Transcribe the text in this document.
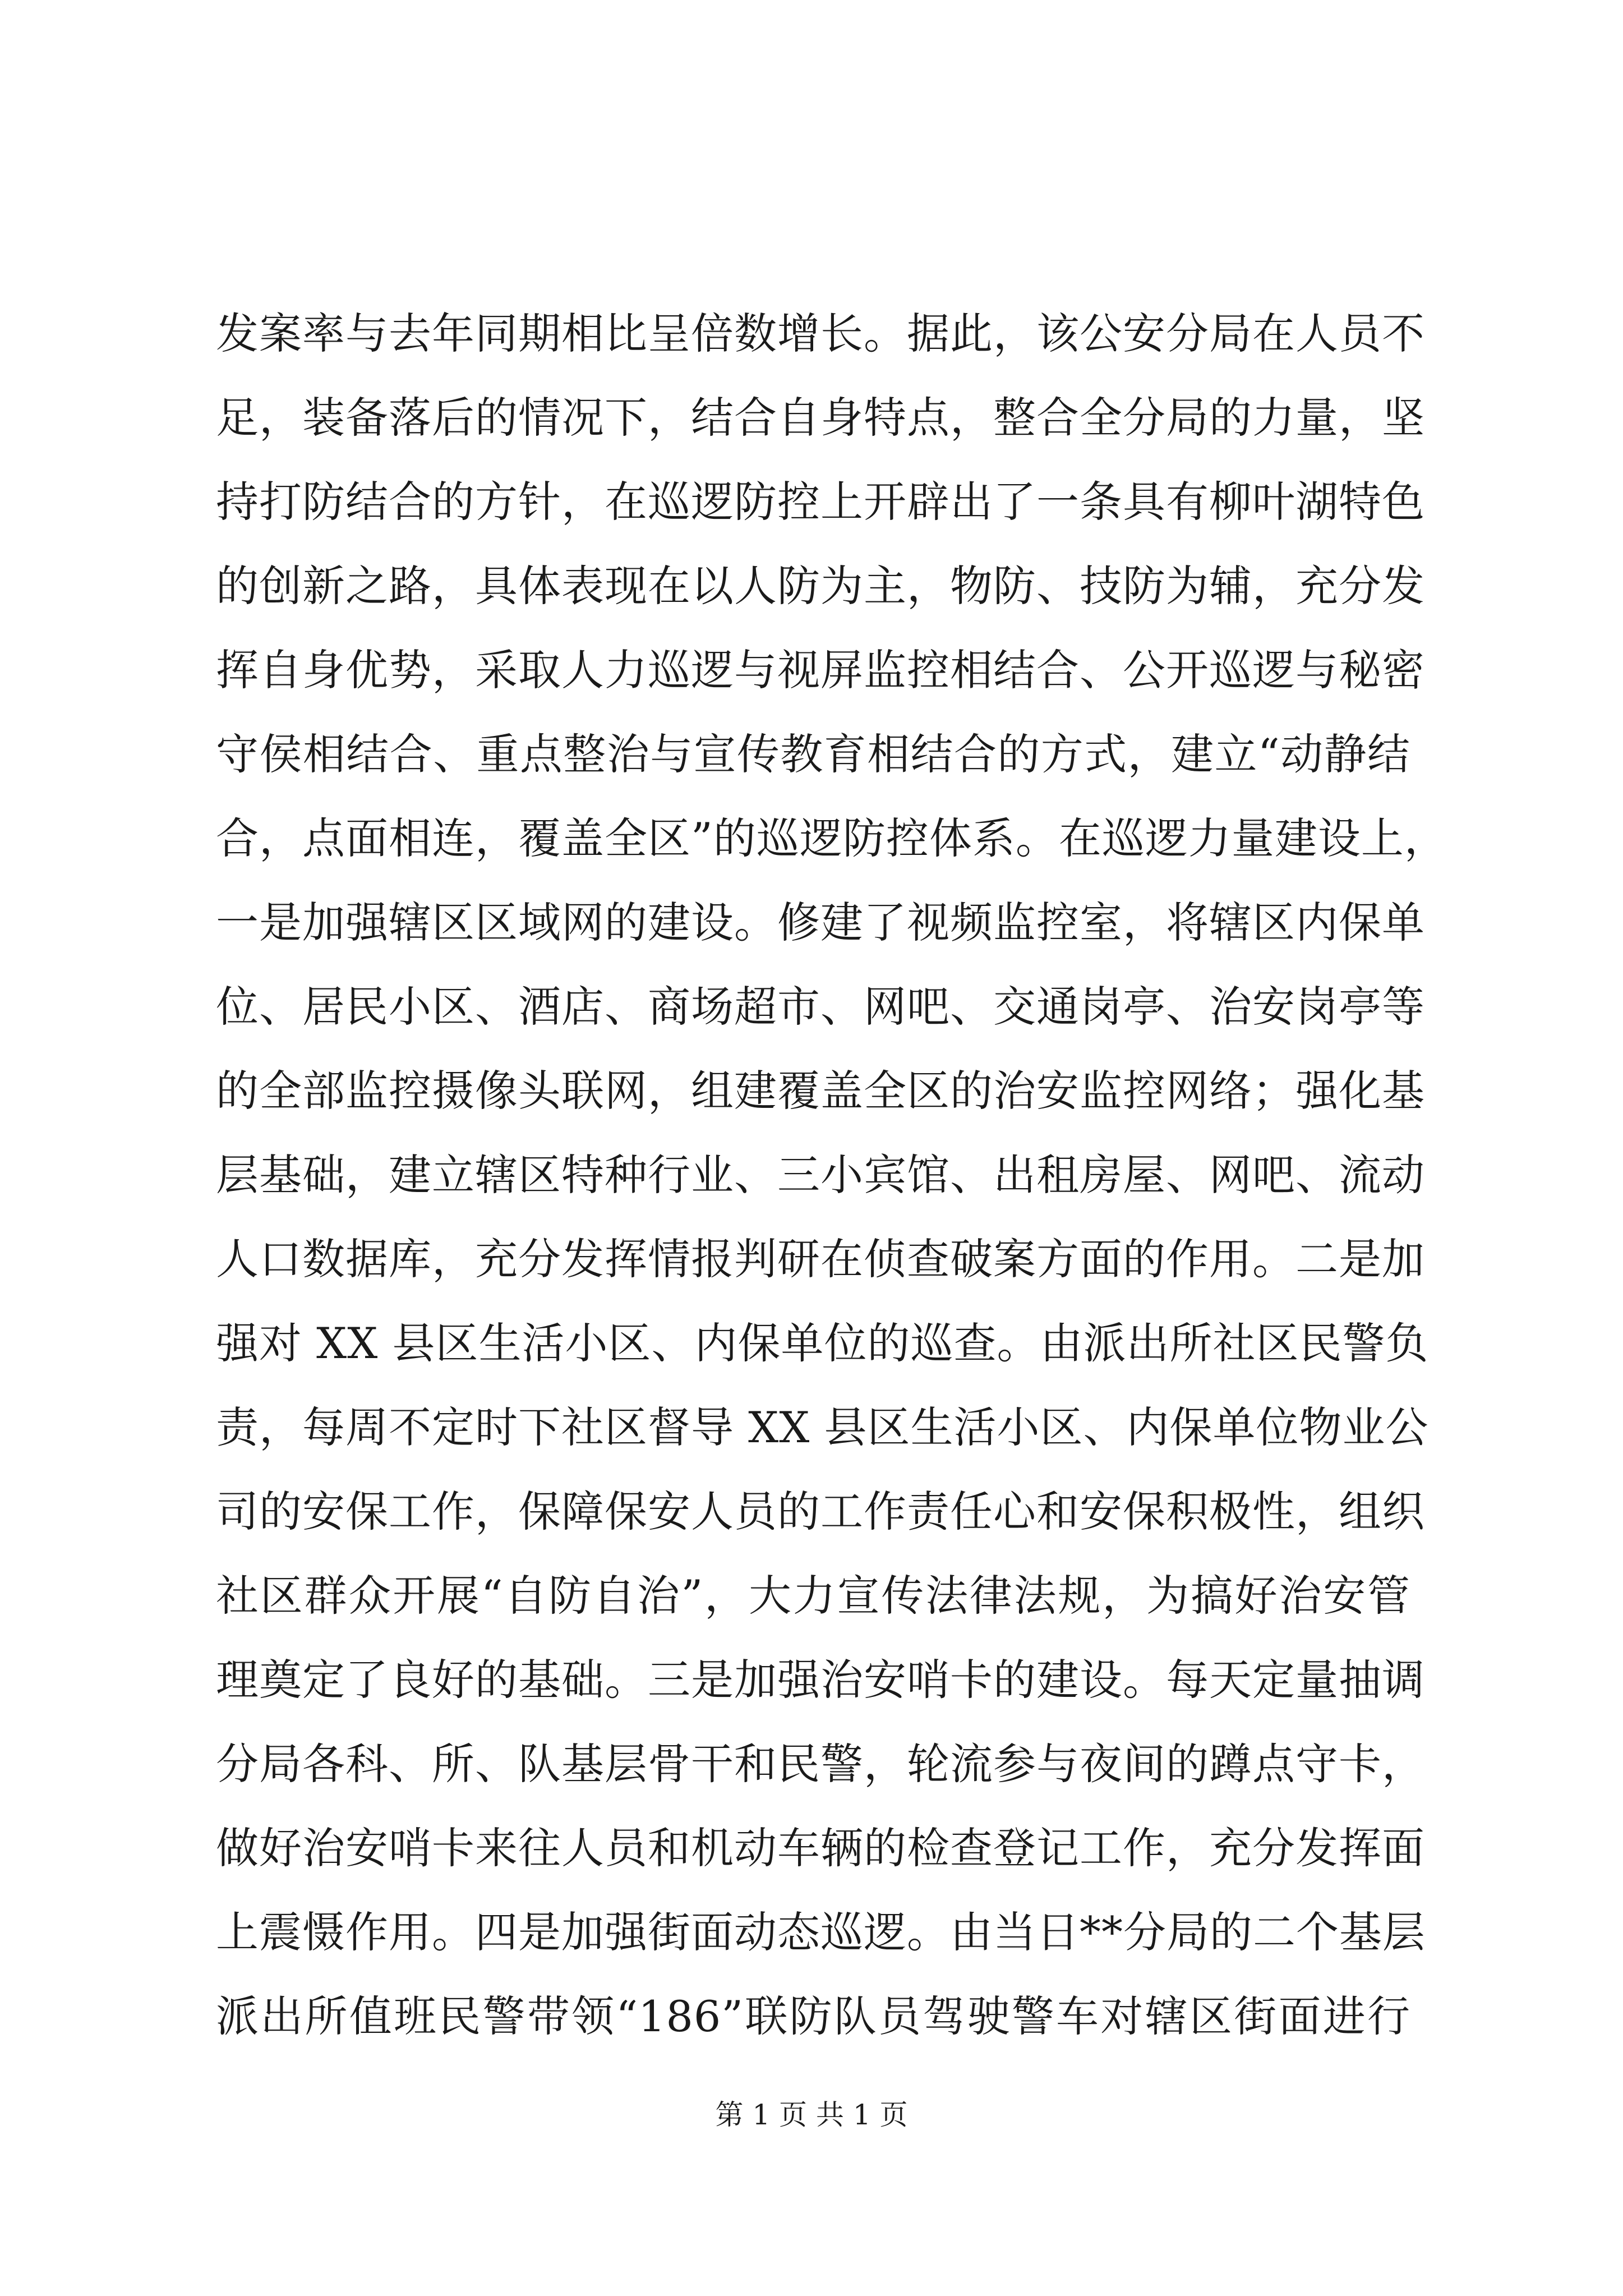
发案率与去年同期相比呈倍数增长。据此，该公安分局在人员不
足，装备落后的情况下，结合自身特点，整合全分局的力量，坚
持打防结合的方针，在巡逻防控上开辟出了一条具有柳叶湖特色
的创新之路，具体表现在以人防为主，物防、技防为辅，充分发
挥自身优势，采取人力巡逻与视屏监控相结合、公开巡逻与秘密
守侯相结合、重点整治与宣传教育相结合的方式，建立“动静结
合，点面相连，覆盖全区”的巡逻防控体系。在巡逻力量建设上，
一是加强辖区区域网的建设。修建了视频监控室，将辖区内保单
位、居民小区、酒店、商场超市、网吧、交通岗亭、治安岗亭等
的全部监控摄像头联网，组建覆盖全区的治安监控网络；强化基
层基础，建立辖区特种行业、三小宾馆、出租房屋、网吧、流动
人口数据库，充分发挥情报判研在侦查破案方面的作用。二是加
强对 XX 县区生活小区、内保单位的巡查。由派出所社区民警负
责，每周不定时下社区督导 XX 县区生活小区、内保单位物业公
司的安保工作，保障保安人员的工作责任心和安保积极性，组织
社区群众开展“自防自治”，大力宣传法律法规，为搞好治安管
理奠定了良好的基础。三是加强治安哨卡的建设。每天定量抽调
分局各科、所、队基层骨干和民警，轮流参与夜间的蹲点守卡，
做好治安哨卡来往人员和机动车辆的检查登记工作，充分发挥面
上震慑作用。四是加强街面动态巡逻。由当日**分局的二个基层
派出所值班民警带领“186”联防队员驾驶警车对辖区街面进行
第 1 页 共 1 页
